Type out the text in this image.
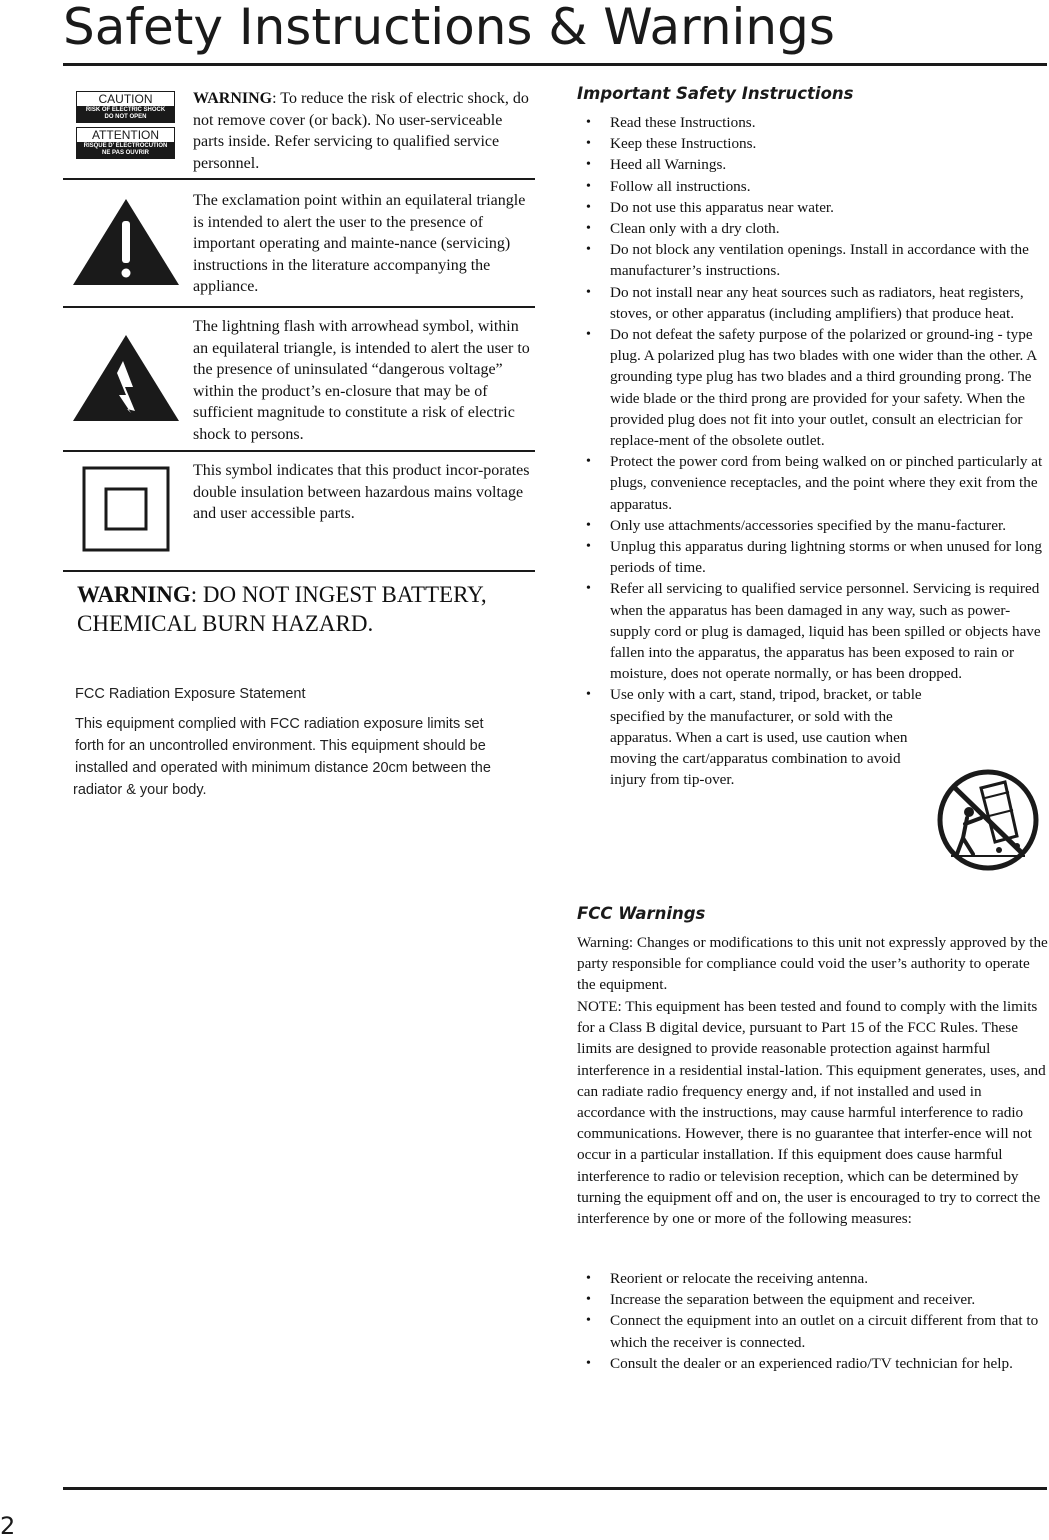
Safety Instructions & Warnings
CAUTION
RISK OF ELECTRIC SHOCK
DO NOT OPEN
ATTENTION
RISQUE D' ÉLECTROCUTION
NE PAS OUVRIR
WARNING: To reduce the risk of electric shock, do not remove cover (or back). No user-serviceable parts inside. Refer servicing to qualified service personnel.
The exclamation point within an equilateral triangle is intended to alert the user to the presence of important operating and mainte-nance (servicing) instructions in the literature accompanying the appliance.
The lightning flash with arrowhead symbol, within an equilateral triangle, is intended to alert the user to the presence of uninsulated “dangerous voltage” within the product’s en-closure that may be of sufficient magnitude to constitute a risk of electric shock to persons.
This symbol indicates that this product incor-porates double insulation between hazardous mains voltage and user accessible parts.
WARNING: DO NOT INGEST BATTERY,
CHEMICAL BURN HAZARD.
FCC Radiation Exposure Statement
This equipment complied with FCC radiation exposure limits set
forth for an uncontrolled environment. This equipment should be
installed and operated with minimum distance 20cm between the
radiator & your body.
Important Safety Instructions
• Read these Instructions.
• Keep these Instructions.
• Heed all Warnings.
• Follow all instructions.
• Do not use this apparatus near water.
• Clean only with a dry cloth.
• Do not block any ventilation openings. Install in accordance with the manufacturer’s instructions.
• Do not install near any heat sources such as radiators, heat registers, stoves, or other apparatus (including amplifiers) that produce heat.
• Do not defeat the safety purpose of the polarized or ground-ing - type plug. A polarized plug has two blades with one wider than the other. A grounding type plug has two blades and a third grounding prong. The wide blade or the third prong are provided for your safety. When the provided plug does not fit into your outlet, consult an electrician for replace-ment of the obsolete outlet.
• Protect the power cord from being walked on or pinched particularly at plugs, convenience receptacles, and the point where they exit from the apparatus.
• Only use attachments/accessories specified by the manu-facturer.
• Unplug this apparatus during lightning storms or when unused for long periods of time.
• Refer all servicing to qualified service personnel. Servicing is required when the apparatus has been damaged in any way, such as power-supply cord or plug is damaged, liquid has been spilled or objects have fallen into the apparatus, the apparatus has been exposed to rain or moisture, does not operate normally, or has been dropped.
• Use only with a cart, stand, tripod, bracket, or table specified by the manufacturer, or sold with the apparatus. When a cart is used, use caution when moving the cart/apparatus combination to avoid injury from tip-over.
FCC Warnings
Warning: Changes or modifications to this unit not expressly approved by the party responsible for compliance could void the user’s authority to operate the equipment.
NOTE: This equipment has been tested and found to comply with the limits for a Class B digital device, pursuant to Part 15 of the FCC Rules. These limits are designed to provide reasonable protection against harmful interference in a residential instal-lation. This equipment generates, uses, and can radiate radio frequency energy and, if not installed and used in accordance with the instructions, may cause harmful interference to radio communications. However, there is no guarantee that interfer-ence will not occur in a particular installation. If this equipment does cause harmful interference to radio or television reception, which can be determined by turning the equipment off and on, the user is encouraged to try to correct the interference by one or more of the following measures:
• Reorient or relocate the receiving antenna.
• Increase the separation between the equipment and receiver.
• Connect the equipment into an outlet on a circuit different from that to which the receiver is connected.
• Consult the dealer or an experienced radio/TV technician for help.
2
